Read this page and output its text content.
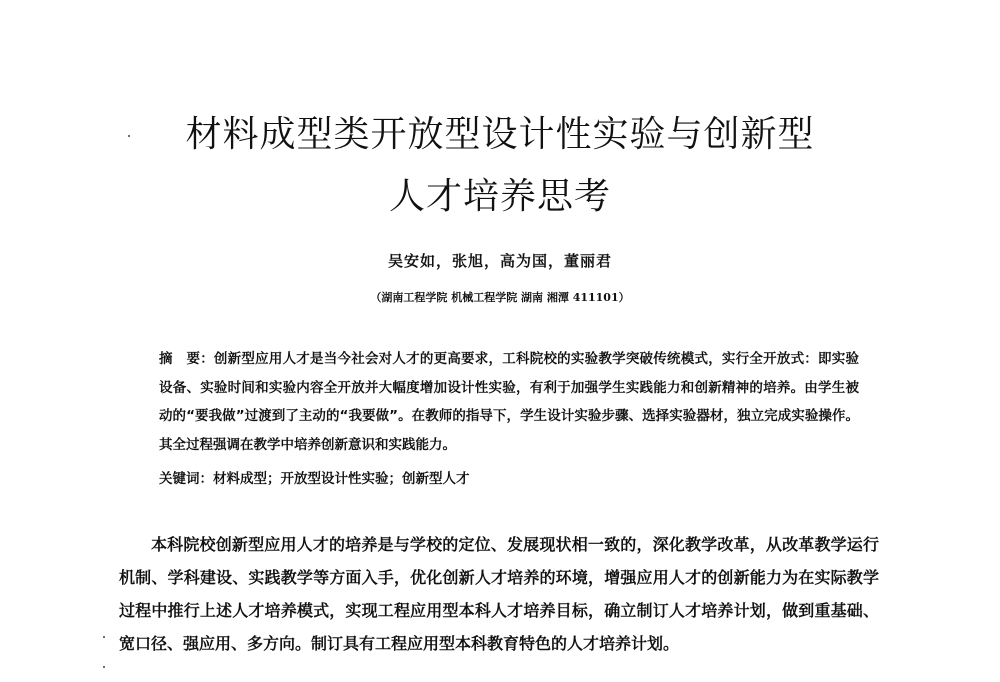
材料成型类开放型设计性实验与创新型
人才培养思考
吴安如，张旭，高为国，董丽君
（湖南工程学院 机械工程学院 湖南 湘潭 411101）
摘　要：创新型应用人才是当今社会对人才的更高要求，工科院校的实验教学突破传统模式，实行全开放式：即实验设备、实验时间和实验内容全开放并大幅度增加设计性实验，有利于加强学生实践能力和创新精神的培养。由学生被动的“要我做”过渡到了主动的“我要做”。在教师的指导下，学生设计实验步骤、选择实验器材，独立完成实验操作。其全过程强调在教学中培养创新意识和实践能力。
关键词：材料成型；开放型设计性实验；创新型人才
本科院校创新型应用人才的培养是与学校的定位、发展现状相一致的，深化教学改革，从改革教学运行机制、学科建设、实践教学等方面入手，优化创新人才培养的环境，增强应用人才的创新能力为在实际教学过程中推行上述人才培养模式，实现工程应用型本科人才培养目标，确立制订人才培养计划，做到重基础、宽口径、强应用、多方向。制订具有工程应用型本科教育特色的人才培养计划。
